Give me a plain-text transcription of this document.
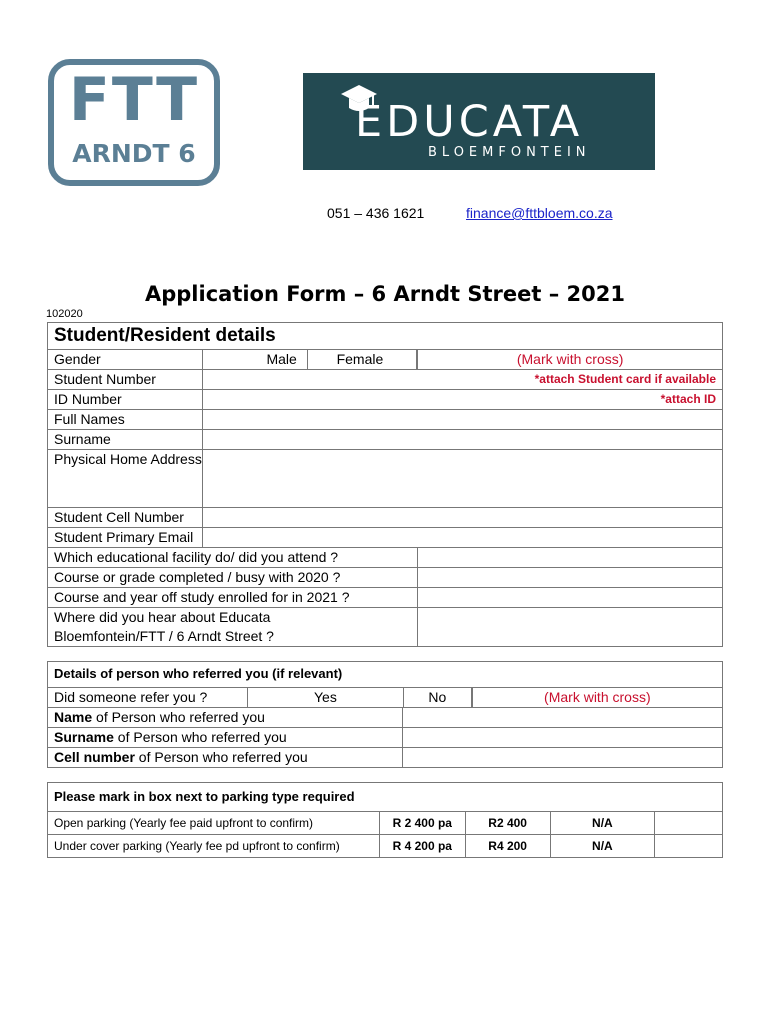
FTT
ARNDT 6
EDUCATA
BLOEMFONTEIN
051 – 436 1621	finance@fttbloem.co.za
Application Form – 6 Arndt Street – 2021
102020
Student/Resident details		
Gender	Male Female	(Mark with cross)
Student Number	*attach Student card if available	
ID Number	*attach ID	
Full Names		
Surname		
Physical Home Address		
Student Cell Number		
Student Primary Email		
Which educational facility do/ did you attend ?		
Course or grade completed / busy with 2020 ?		
Course and year off study enrolled for in 2021 ?		

Where did you hear about Educata
Bloemfontein/FTT / 6 Arndt Street ?		

Details of person who referred you (if relevant)			
Did someone refer you ?	Yes No		(Mark with cross)
Name of Person who referred you			
Surname of Person who referred you			
Cell number of Person who referred you			
Please mark in box next to parking type required				
Open parking (Yearly fee paid upfront to confirm)	R 2 400 pa	R2 400	N/A	
Under cover parking (Yearly fee pd upfront to confirm)	R 4 200 pa	R4 200	N/A	
